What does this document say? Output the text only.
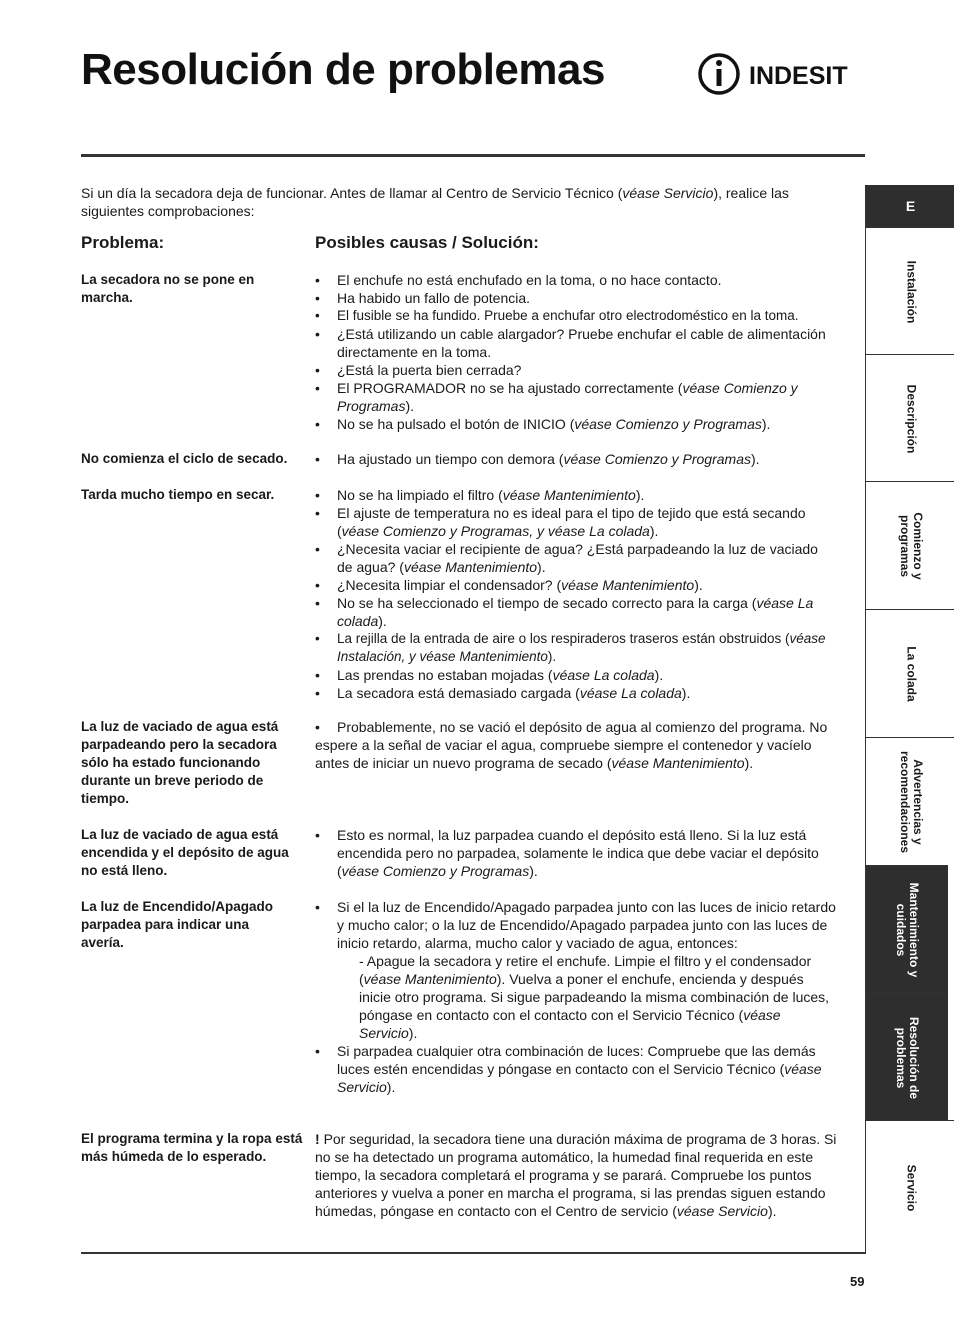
Resolución de problemas	INDESIT

Si un día la secadora deja de funcionar. Antes de llamar al Centro de Servicio Técnico (véase Servicio), realice las siguientes comprobaciones:

Problema:	Posibles causas / Solución:
La secadora no se pone en marcha.
• El enchufe no está enchufado en la toma, o no hace contacto.
• Ha habido un fallo de potencia.
• El fusible se ha fundido. Pruebe a enchufar otro electrodoméstico en la toma.
• ¿Está utilizando un cable alargador? Pruebe enchufar el cable de alimentación directamente en la toma.
• ¿Está la puerta bien cerrada?
• El PROGRAMADOR no se ha ajustado correctamente (véase Comienzo y Programas).
• No se ha pulsado el botón de INICIO (véase Comienzo y Programas).
No comienza el ciclo de secado.	• Ha ajustado un tiempo con demora (véase Comienzo y Programas).
Tarda mucho tiempo en secar.	• No se ha limpiado el filtro (véase Mantenimiento).
• El ajuste de temperatura no es ideal para el tipo de tejido que está secando (véase Comienzo y Programas, y véase La colada).
• ¿Necesita vaciar el recipiente de agua? ¿Está parpadeando la luz de vaciado de agua? (véase Mantenimiento).
• ¿Necesita limpiar el condensador? (véase Mantenimiento).
• No se ha seleccionado el tiempo de secado correcto para la carga (véase La colada).
• La rejilla de la entrada de aire o los respiraderos traseros están obstruidos (véase Instalación, y véase Mantenimiento).
• Las prendas no estaban mojadas (véase La colada).
• La secadora está demasiado cargada (véase La colada).
La luz de vaciado de agua está parpadeando pero la secadora sólo ha estado funcionando durante un breve periodo de tiempo.

• Probablemente, no se vació el depósito de agua al comienzo del programa. No espere a la señal de vaciar el agua, compruebe siempre el contenedor y vacíelo antes de iniciar un nuevo programa de secado (véase Mantenimiento).

La luz de vaciado de agua está encendida y el depósito de agua no está lleno.
• Esto es normal, la luz parpadea cuando el depósito está lleno. Si la luz está encendida pero no parpadea, solamente le indica que debe vaciar el depósito (véase Comienzo y Programas).
La luz de Encendido/Apagado parpadea para indicar una avería.
• Si el la luz de Encendido/Apagado parpadea junto con las luces de inicio retardo y mucho calor; o la luz de Encendido/Apagado parpadea junto con las luces de inicio retardo, alarma, mucho calor y vaciado de agua, entonces:
- Apague la secadora y retire el enchufe. Limpie el filtro y el condensador (véase Mantenimiento). Vuelva a poner el enchufe, encienda y después inicie otro programa. Si sigue parpadeando la misma combinación de luces, póngase en contacto con el contacto con el Servicio Técnico (véase Servicio).
• Si parpadea cualquier otra combinación de luces: Compruebe que las demás luces estén encendidas y póngase en contacto con el Servicio Técnico (véase Servicio).
El programa termina y la ropa está más húmeda de lo esperado.

! Por seguridad, la secadora tiene una duración máxima de programa de 3 horas. Si no se ha detectado un programa automático, la humedad final requerida en este tiempo, la secadora completará el programa y se parará. Compruebe los puntos anteriores y vuelva a poner en marcha el programa, si las prendas siguen estando húmedas, póngase en contacto con el Centro de servicio (véase Servicio).

E
Instalación
Descripción
Comienzo y
programas
La colada
Advertencias y
recomendaciones
Mantenimiento y
cuidados
Resolución de
problemas
Servicio
59
